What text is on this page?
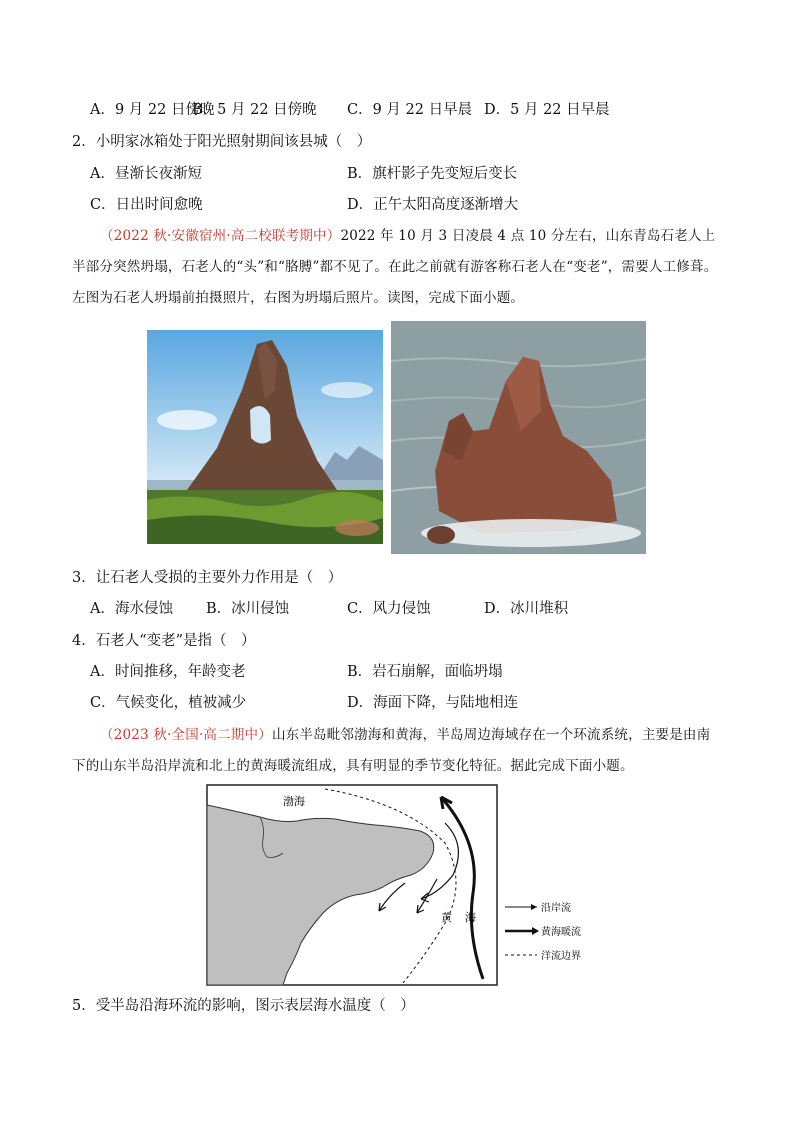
A．9 月 22 日傍晚
B．5 月 22 日傍晚 C．9 月 22 日早晨 D．5 月 22 日早晨
2．小明家冰箱处于阳光照射期间该县城（　）
A．昼渐长夜渐短	B．旗杆影子先变短后变长
C．日出时间愈晚	D．正午太阳高度逐渐增大
（2022 秋·安徽宿州·高二校联考期中）2022 年 10 月 3 日凌晨 4 点 10 分左右，山东青岛石老人上半部分突然坍塌，石老人的“头”和“胳膊”都不见了。在此之前就有游客称石老人在“变老”，需要人工修葺。左图为石老人坍塌前拍摄照片，右图为坍塌后照片。读图，完成下面小题。
3．让石老人受损的主要外力作用是（　）
A．海水侵蚀 B．冰川侵蚀	C．风力侵蚀	D．冰川堆积
4．石老人“变老”是指（　）
A．时间推移，年龄变老	B．岩石崩解，面临坍塌
C．气候变化，植被减少	D．海面下降，与陆地相连
（2023 秋·全国·高二期中）山东半岛毗邻渤海和黄海，半岛周边海域存在一个环流系统，主要是由南下的山东半岛沿岸流和北上的黄海暖流组成，具有明显的季节变化特征。据此完成下面小题。
渤海
黄 海
沿岸流
黄海暖流
洋流边界
5．受半岛沿海环流的影响，图示表层海水温度（　）
